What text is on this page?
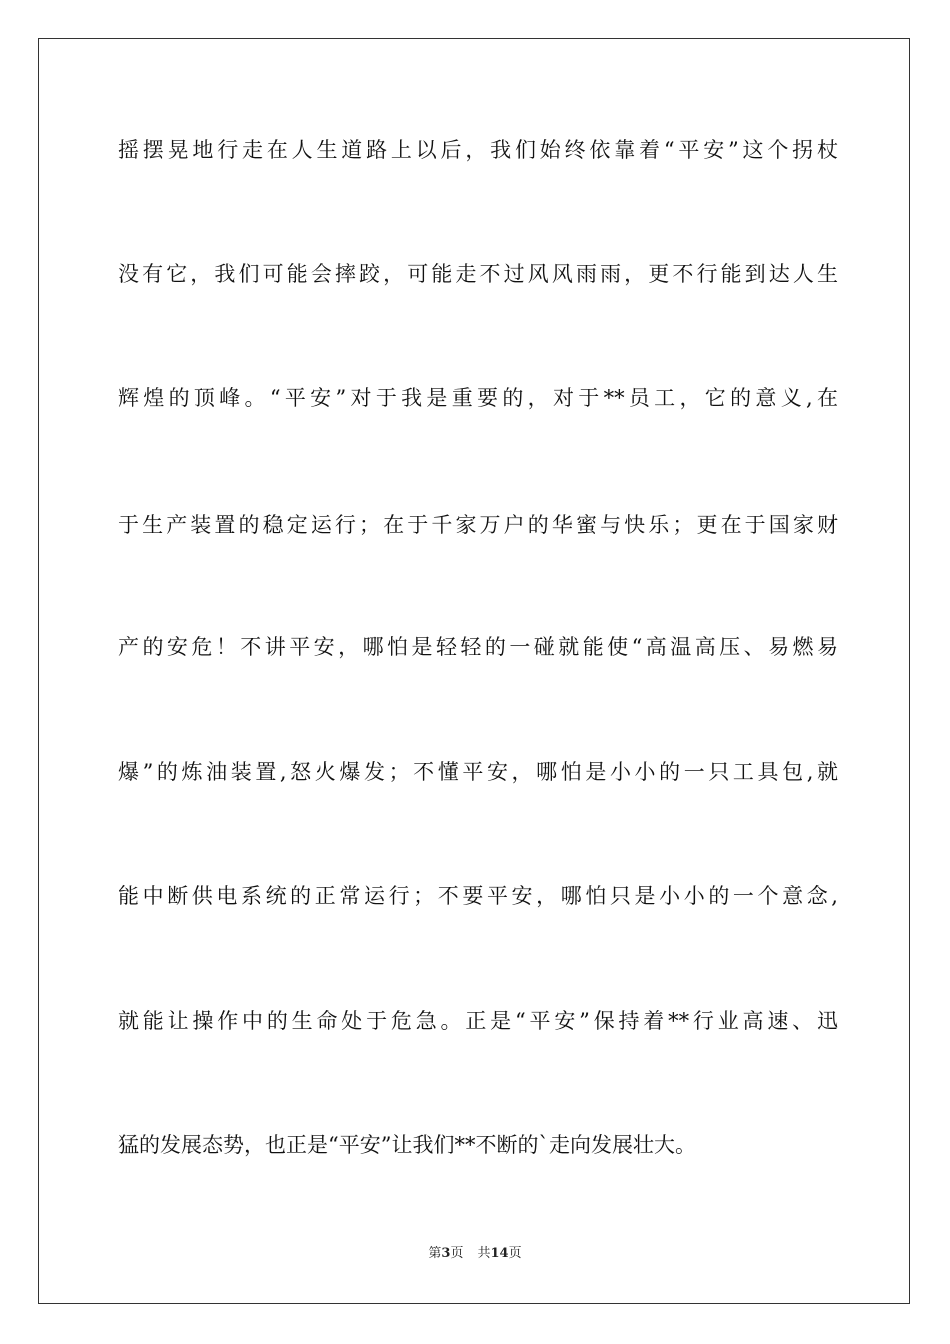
摇摆晃地行走在人生道路上以后，我们始终依靠着“平安”这个拐杖
没有它，我们可能会摔跤，可能走不过风风雨雨，更不行能到达人生
辉煌的顶峰。“平安”对于我是重要的，对于**员工，它的意义,在
于生产装置的稳定运行；在于千家万户的华蜜与快乐；更在于国家财
产的安危！不讲平安，哪怕是轻轻的一碰就能使“高温高压、易燃易
爆”的炼油装置,怒火爆发；不懂平安，哪怕是小小的一只工具包,就
能中断供电系统的正常运行；不要平安，哪怕只是小小的一个意念,
就能让操作中的生命处于危急。正是“平安”保持着**行业高速、迅
猛的发展态势，也正是“平安”让我们**不断的`走向发展壮大。
第3页 共14页
